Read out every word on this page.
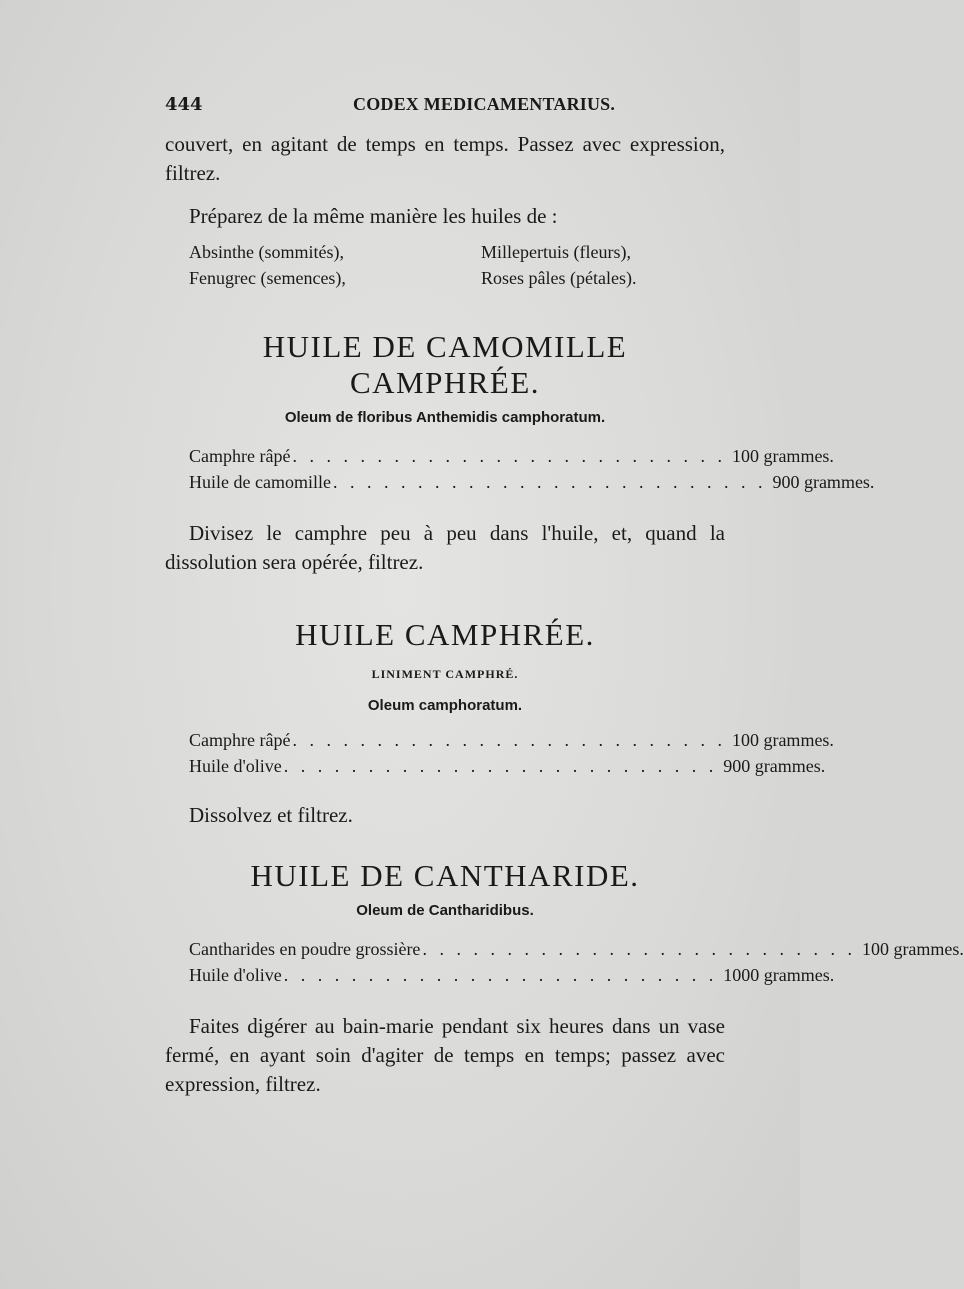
444	CODEX MEDICAMENTARIUS.

couvert, en agitant de temps en temps. Passez avec expression, filtrez.

Préparez de la même manière les huiles de :

Absinthe (sommités),	Millepertuis (fleurs),
Fenugrec (semences),	Roses pâles (pétales).
HUILE DE CAMOMILLE CAMPHRÉE.

Oleum de floribus Anthemidis camphoratum.

Camphre râpé . . . . . . . . . . . . . . . . . . . . . . . . . . 100 grammes.
Huile de camomille . . . . . . . . . . . . . . . . . . . . . . . . . . 900 grammes.

Divisez le camphre peu à peu dans l'huile, et, quand la dissolution sera opérée, filtrez.

HUILE CAMPHRÉE.

LINIMENT CAMPHRÉ.

Oleum camphoratum.

Camphre râpé . . . . . . . . . . . . . . . . . . . . . . . . . . 100 grammes.
Huile d'olive . . . . . . . . . . . . . . . . . . . . . . . . . . 900 grammes.

Dissolvez et filtrez.

HUILE DE CANTHARIDE.

Oleum de Cantharidibus.

Cantharides en poudre grossière . . . . . . . . . . . . . . . . . . . . . . . . . . 100 grammes.
Huile d'olive . . . . . . . . . . . . . . . . . . . . . . . . . . 1000 grammes.

Faites digérer au bain-marie pendant six heures dans un vase fermé, en ayant soin d'agiter de temps en temps; passez avec expression, filtrez.
